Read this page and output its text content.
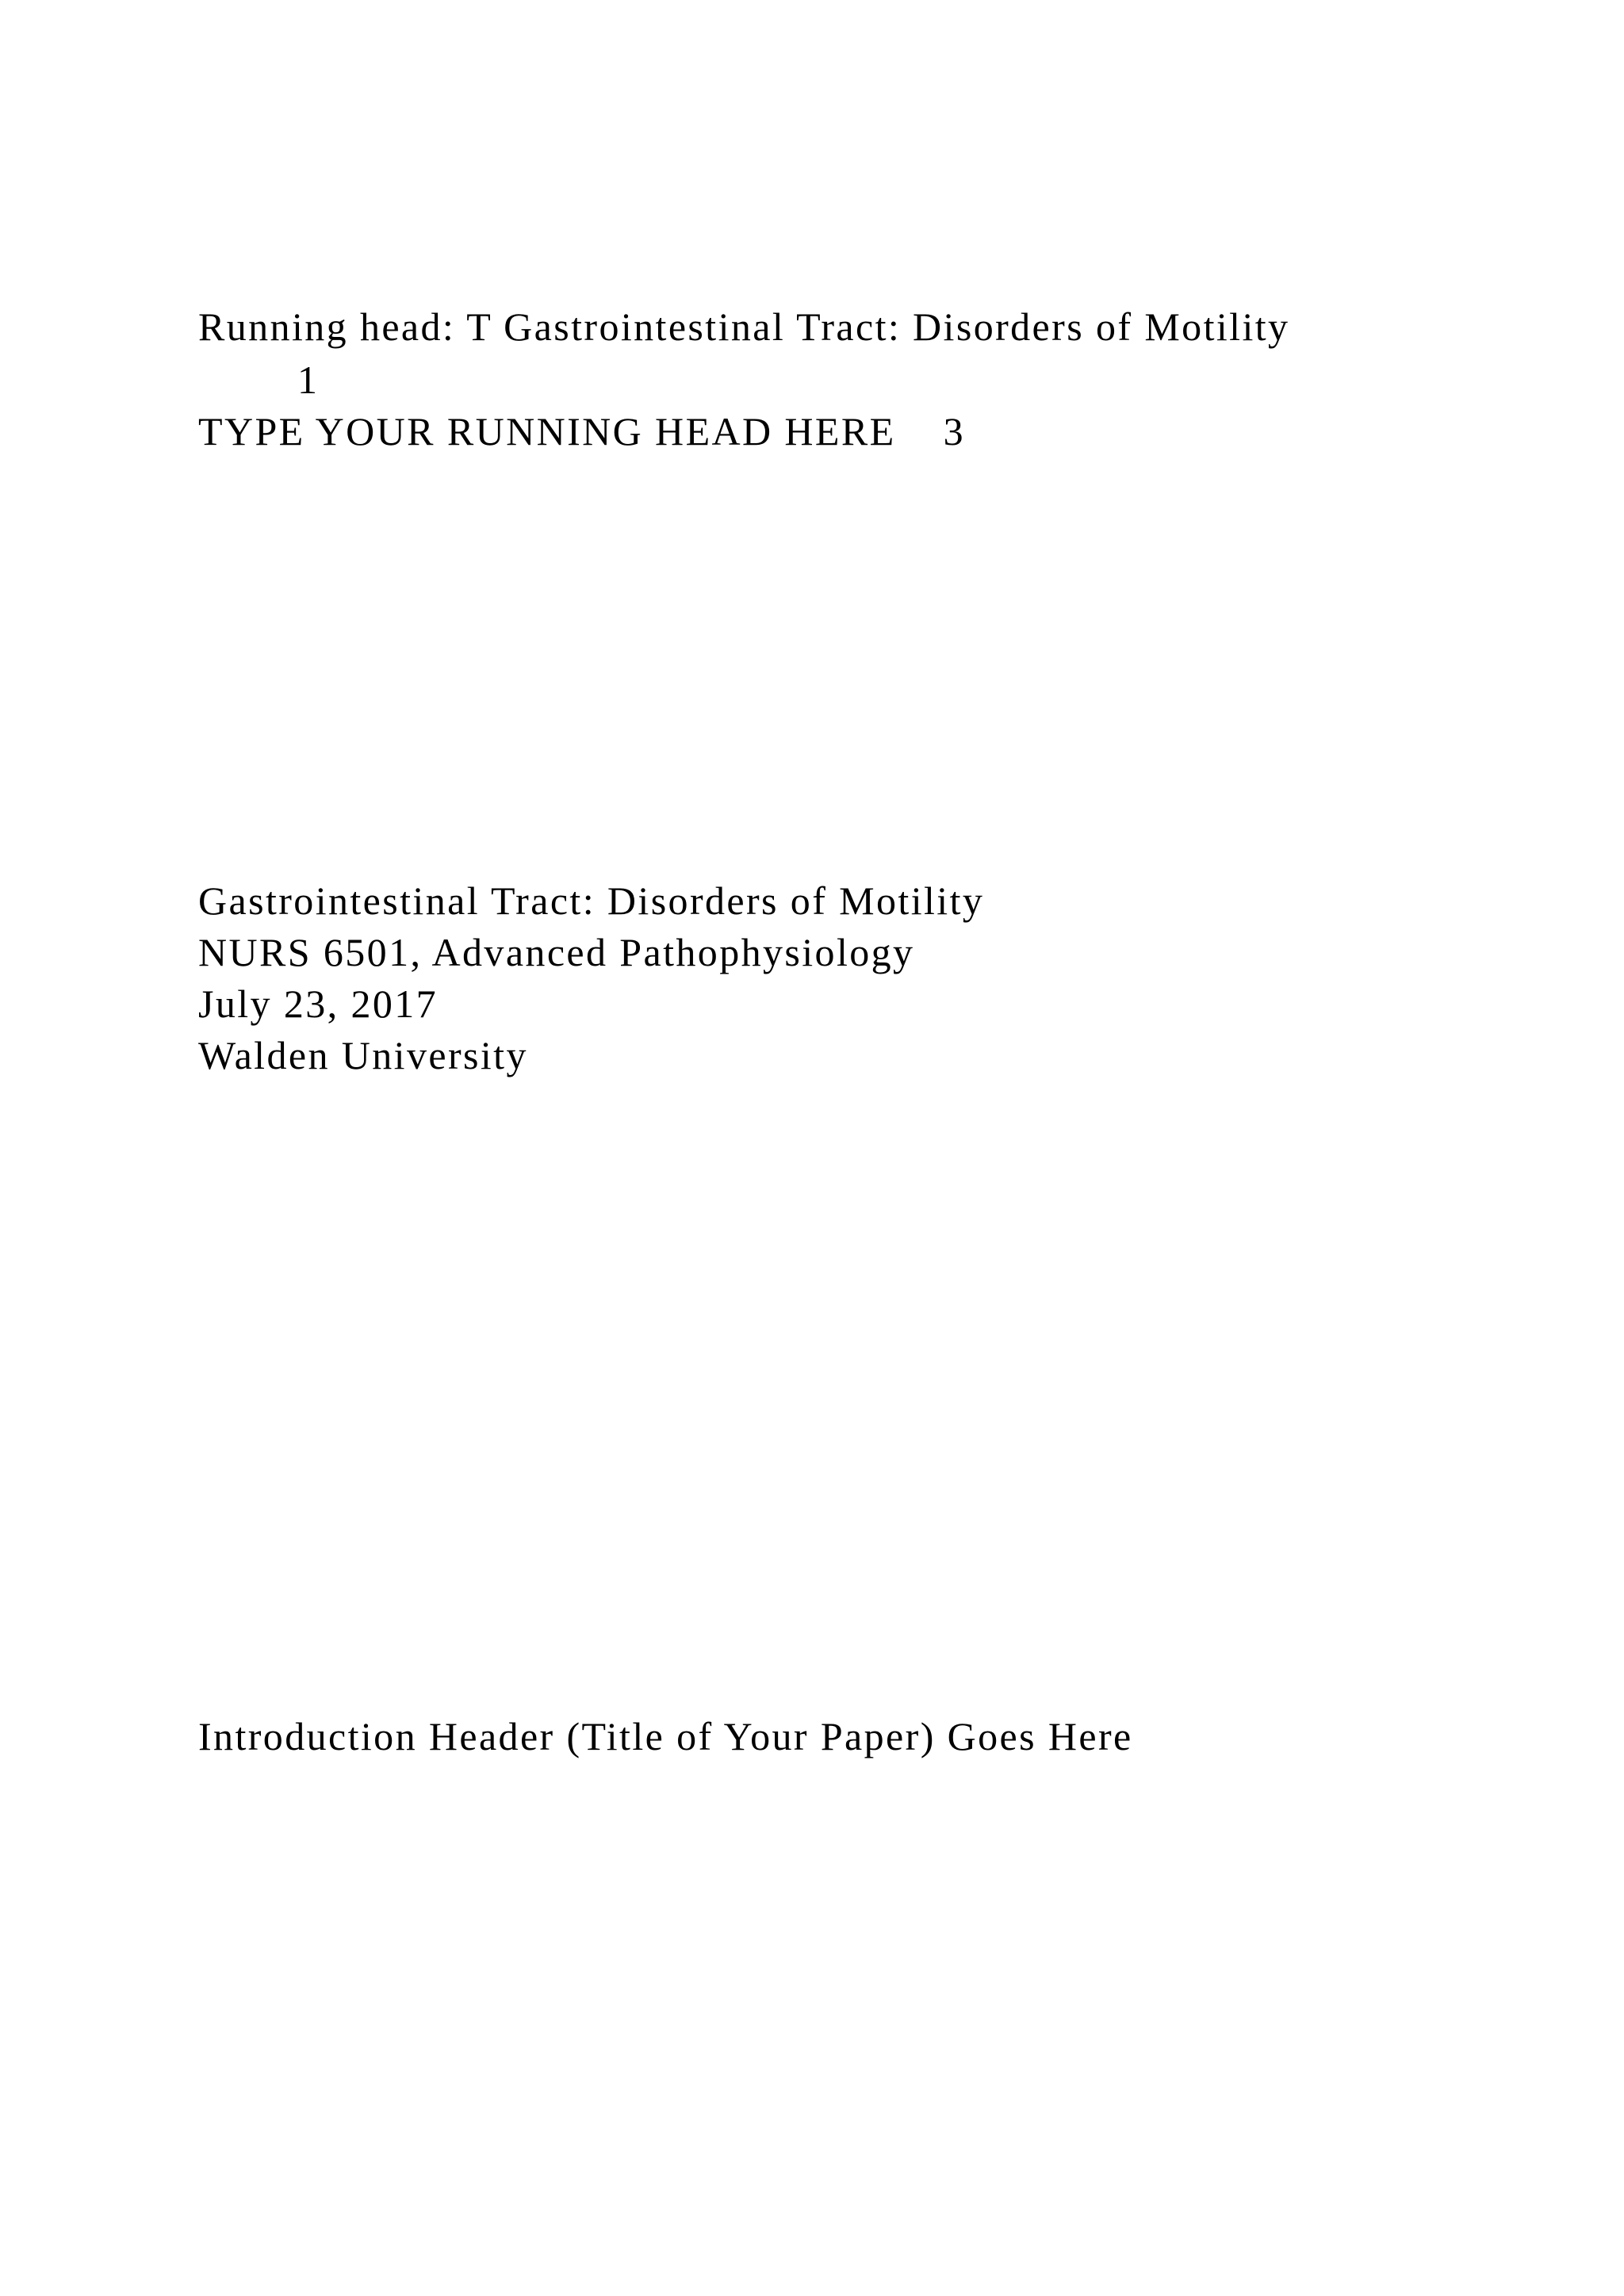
Running head: T Gastrointestinal Tract: Disorders of Motility
1
TYPE YOUR RUNNING HEAD HERE 3
Gastrointestinal Tract: Disorders of Motility
NURS 6501, Advanced Pathophysiology
July 23, 2017
Walden University
Introduction Header (Title of Your Paper) Goes Here
